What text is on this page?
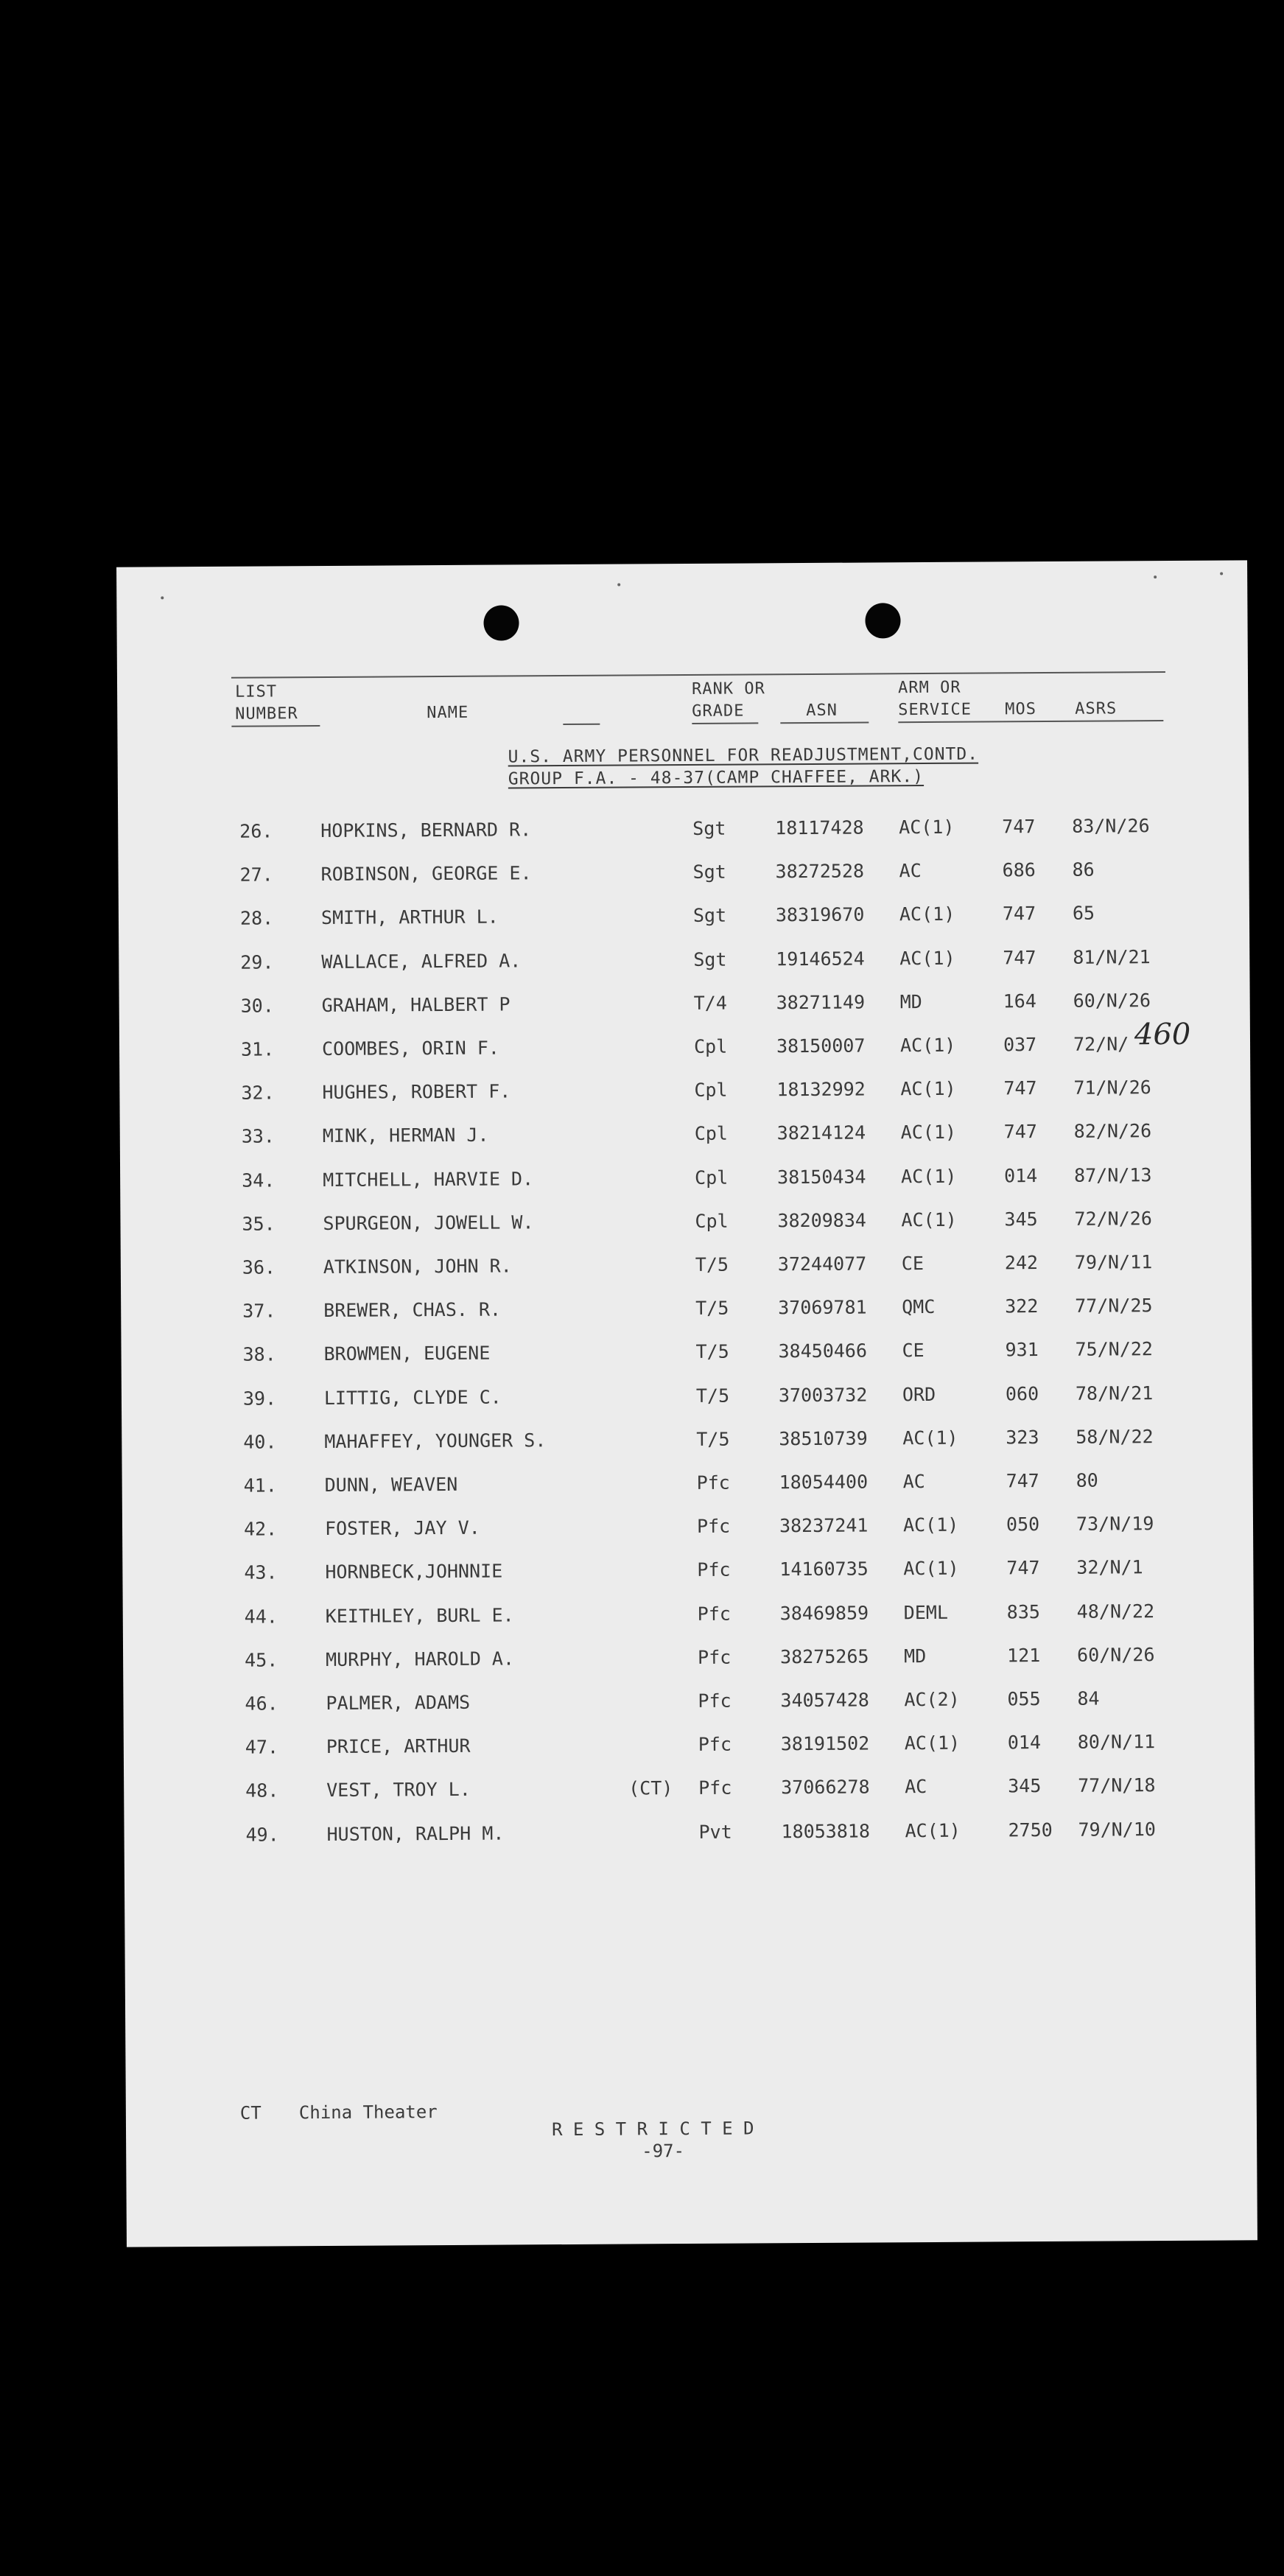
LIST
NUMBER	NAME
RANK OR
GRADE	ASN
ARM OR
SERVICE MOS ASRS
U.S. ARMY PERSONNEL FOR READJUSTMENT,CONTD.
GROUP F.A. - 48-37(CAMP CHAFFEE, ARK.)
26.	HOPKINS, BERNARD R.	Sgt	18117428 AC(1)	747 83/N/26
27.	ROBINSON, GEORGE E.	Sgt	38272528 AC	686 86
28.	SMITH, ARTHUR L.	Sgt	38319670 AC(1)	747 65
29.	WALLACE, ALFRED A.	Sgt	19146524 AC(1)	747 81/N/21
30.	GRAHAM, HALBERT P	T/4	38271149 MD	164 60/N/26
31.	COOMBES, ORIN F.	Cpl	38150007 AC(1)	037 72/N/
32.	HUGHES, ROBERT F.	Cpl	18132992 AC(1)	747 71/N/26
33.	MINK, HERMAN J.	Cpl	38214124 AC(1)	747 82/N/26
34.	MITCHELL, HARVIE D.	Cpl	38150434 AC(1)	014 87/N/13
35.	SPURGEON, JOWELL W.	Cpl	38209834 AC(1)	345 72/N/26
36.	ATKINSON, JOHN R.	T/5	37244077 CE	242 79/N/11
37.	BREWER, CHAS. R.	T/5	37069781 QMC	322 77/N/25
38.	BROWMEN, EUGENE	T/5	38450466 CE	931 75/N/22
39.	LITTIG, CLYDE C.	T/5	37003732 ORD	060 78/N/21
40.	MAHAFFEY, YOUNGER S.	T/5	38510739 AC(1)	323 58/N/22
41.	DUNN, WEAVEN	Pfc	18054400 AC	747 80
42.	FOSTER, JAY V.	Pfc	38237241 AC(1)	050 73/N/19
43.	HORNBECK,JOHNNIE	Pfc	14160735 AC(1)	747 32/N/1
44.	KEITHLEY, BURL E.	Pfc	38469859 DEML	835 48/N/22
45.	MURPHY, HAROLD A.	Pfc	38275265 MD	121 60/N/26
46.	PALMER, ADAMS	Pfc	34057428 AC(2)	055 84
47.	PRICE, ARTHUR	Pfc	38191502 AC(1)	014 80/N/11
48.	VEST, TROY L.	(CT) Pfc	37066278 AC	345 77/N/18
49.	HUSTON, RALPH M.	Pvt	18053818 AC(1)	2750 79/N/10
460
CT China Theater
R E S T R I C T E D
-97-
